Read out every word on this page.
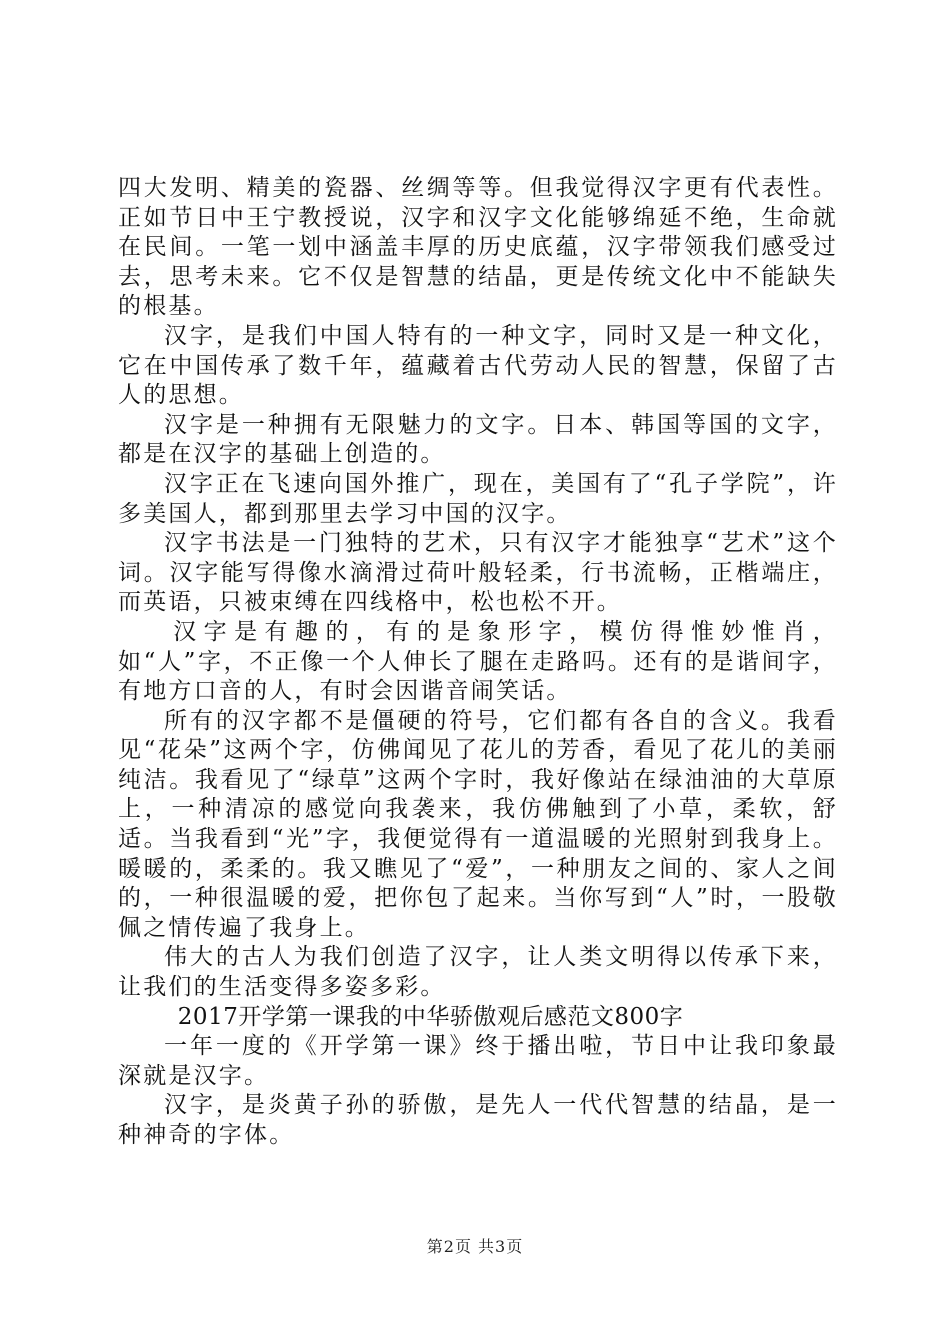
四大发明、精美的瓷器、丝绸等等。但我觉得汉字更有代表性。正如节日中王宁教授说，汉字和汉字文化能够绵延不绝，生命就在民间。一笔一划中涵盖丰厚的历史底蕴，汉字带领我们感受过去，思考未来。它不仅是智慧的结晶，更是传统文化中不能缺失的根基。

汉字，是我们中国人特有的一种文字，同时又是一种文化，它在中国传承了数千年，蕴藏着古代劳动人民的智慧，保留了古人的思想。

汉字是一种拥有无限魅力的文字。日本、韩国等国的文字，都是在汉字的基础上创造的。

汉字正在飞速向国外推广，现在，美国有了“孔子学院”，许多美国人，都到那里去学习中国的汉字。

汉字书法是一门独特的艺术，只有汉字才能独享“艺术”这个词。汉字能写得像水滴滑过荷叶般轻柔，行书流畅，正楷端庄，而英语，只被束缚在四线格中，松也松不开。

汉字是有趣的，有的是象形字，模仿得惟妙惟肖，如“人”字，不正像一个人伸长了腿在走路吗。还有的是谐间字，有地方口音的人，有时会因谐音闹笑话。

所有的汉字都不是僵硬的符号，它们都有各自的含义。我看见“花朵”这两个字，仿佛闻见了花儿的芳香，看见了花儿的美丽纯洁。我看见了“绿草”这两个字时，我好像站在绿油油的大草原上，一种清凉的感觉向我袭来，我仿佛触到了小草，柔软，舒适。当我看到“光”字，我便觉得有一道温暖的光照射到我身上。暖暖的，柔柔的。我又瞧见了“爱”，一种朋友之间的、家人之间的，一种很温暖的爱，把你包了起来。当你写到“人”时，一股敬佩之情传遍了我身上。

伟大的古人为我们创造了汉字，让人类文明得以传承下来，让我们的生活变得多姿多彩。

2017开学第一课我的中华骄傲观后感范文800字

一年一度的《开学第一课》终于播出啦，节日中让我印象最深就是汉字。

汉字，是炎黄子孙的骄傲，是先人一代代智慧的结晶，是一种神奇的字体。

第2页 共3页
